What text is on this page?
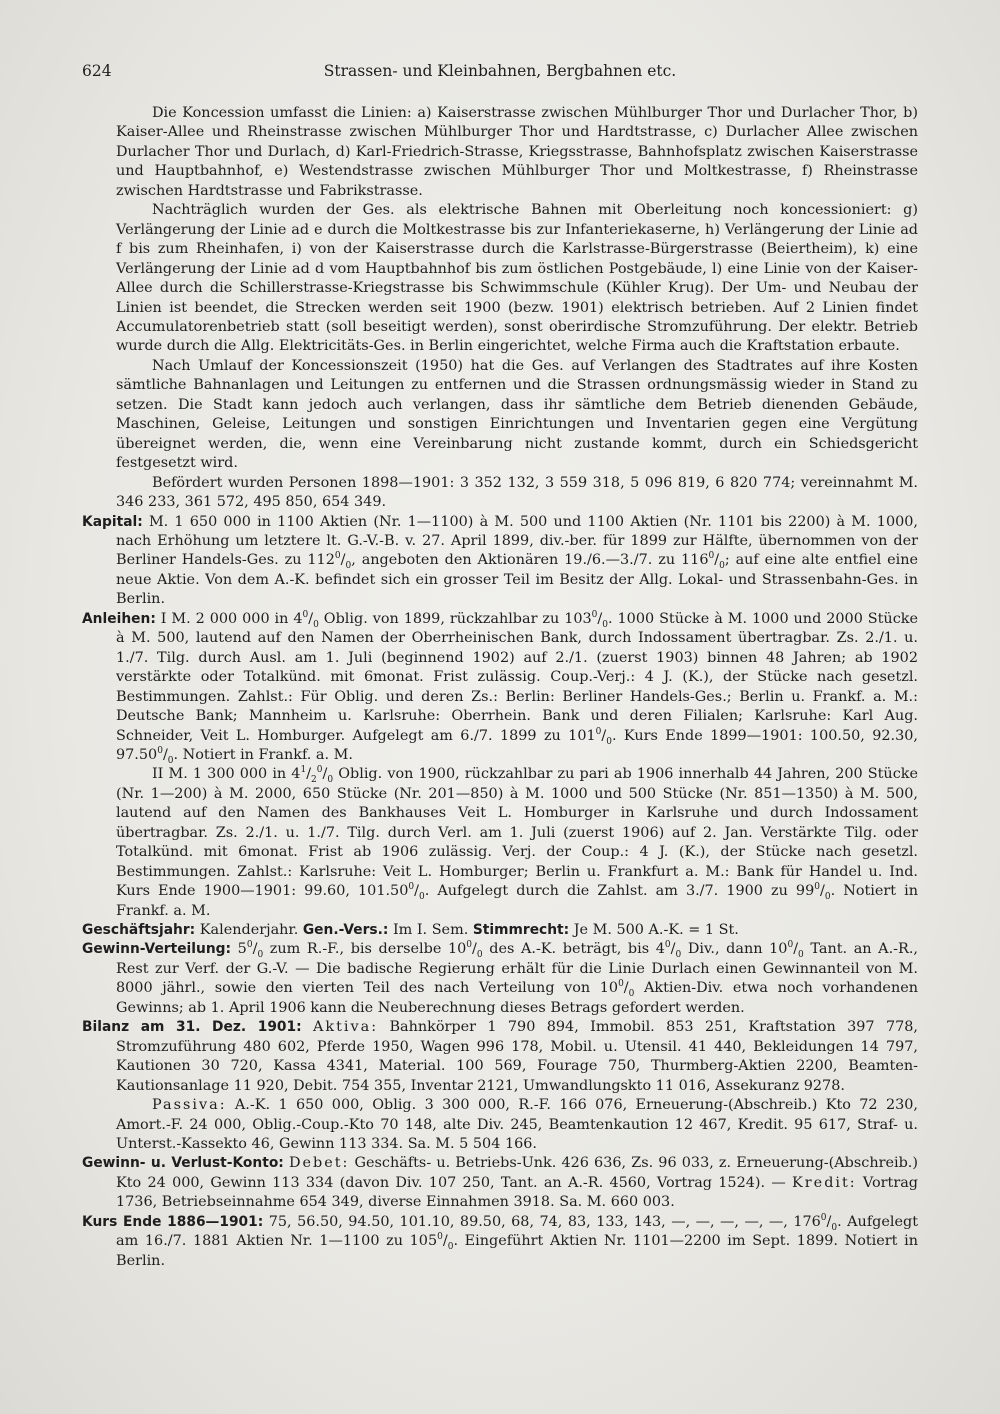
624	Strassen- und Kleinbahnen, Bergbahnen etc.

Die Koncession umfasst die Linien: a) Kaiserstrasse zwischen Mühlburger Thor und Durlacher Thor, b) Kaiser-Allee und Rheinstrasse zwischen Mühlburger Thor und Hardtstrasse, c) Durlacher Allee zwischen Durlacher Thor und Durlach, d) Karl-Friedrich-Strasse, Kriegsstrasse, Bahnhofsplatz zwischen Kaiserstrasse und Hauptbahnhof, e) Westendstrasse zwischen Mühlburger Thor und Moltkestrasse, f) Rheinstrasse zwischen Hardtstrasse und Fabrikstrasse.

Nachträglich wurden der Ges. als elektrische Bahnen mit Oberleitung noch koncessioniert: g) Verlängerung der Linie ad e durch die Moltkestrasse bis zur Infanteriekaserne, h) Verlängerung der Linie ad f bis zum Rheinhafen, i) von der Kaiserstrasse durch die Karlstrasse-Bürgerstrasse (Beiertheim), k) eine Verlängerung der Linie ad d vom Hauptbahnhof bis zum östlichen Postgebäude, l) eine Linie von der Kaiser-Allee durch die Schillerstrasse-Kriegstrasse bis Schwimmschule (Kühler Krug). Der Um- und Neubau der Linien ist beendet, die Strecken werden seit 1900 (bezw. 1901) elektrisch betrieben. Auf 2 Linien findet Accumulatorenbetrieb statt (soll beseitigt werden), sonst oberirdische Stromzuführung. Der elektr. Betrieb wurde durch die Allg. Elektricitäts-Ges. in Berlin eingerichtet, welche Firma auch die Kraftstation erbaute.

Nach Umlauf der Koncessionszeit (1950) hat die Ges. auf Verlangen des Stadtrates auf ihre Kosten sämtliche Bahnanlagen und Leitungen zu entfernen und die Strassen ordnungsmässig wieder in Stand zu setzen. Die Stadt kann jedoch auch verlangen, dass ihr sämtliche dem Betrieb dienenden Gebäude, Maschinen, Geleise, Leitungen und sonstigen Einrichtungen und Inventarien gegen eine Vergütung übereignet werden, die, wenn eine Vereinbarung nicht zustande kommt, durch ein Schiedsgericht festgesetzt wird.

Befördert wurden Personen 1898—1901: 3 352 132, 3 559 318, 5 096 819, 6 820 774; vereinnahmt M. 346 233, 361 572, 495 850, 654 349.

Kapital: M. 1 650 000 in 1100 Aktien (Nr. 1—1100) à M. 500 und 1100 Aktien (Nr. 1101 bis 2200) à M. 1000, nach Erhöhung um letztere lt. G.-V.-B. v. 27. April 1899, div.-ber. für 1899 zur Hälfte, übernommen von der Berliner Handels-Ges. zu $112^0/_0$, angeboten den Aktionären 19./6.—3./7. zu $116^0/_0$; auf eine alte entfiel eine neue Aktie. Von dem A.-K. befindet sich ein grosser Teil im Besitz der Allg. Lokal- und Strassenbahn-Ges. in Berlin.

Anleihen: I M. 2 000 000 in $4^0/_0$ Oblig. von 1899, rückzahlbar zu $103^0/_0$. 1000 Stücke à M. 1000 und 2000 Stücke à M. 500, lautend auf den Namen der Oberrheinischen Bank, durch Indossament übertragbar. Zs. 2./1. u. 1./7. Tilg. durch Ausl. am 1. Juli (beginnend 1902) auf 2./1. (zuerst 1903) binnen 48 Jahren; ab 1902 verstärkte oder Totalkünd. mit 6monat. Frist zulässig. Coup.-Verj.: 4 J. (K.), der Stücke nach gesetzl. Bestimmungen. Zahlst.: Für Oblig. und deren Zs.: Berlin: Berliner Handels-Ges.; Berlin u. Frankf. a. M.: Deutsche Bank; Mannheim u. Karlsruhe: Oberrhein. Bank und deren Filialen; Karlsruhe: Karl Aug. Schneider, Veit L. Homburger. Aufgelegt am 6./7. 1899 zu $101^0/_0$. Kurs Ende 1899—1901: 100.50, 92.30, $97.50^0/_0$. Notiert in Frankf. a. M.

II M. 1 300 000 in $4^1/_2^0/_0$ Oblig. von 1900, rückzahlbar zu pari ab 1906 innerhalb 44 Jahren, 200 Stücke (Nr. 1—200) à M. 2000, 650 Stücke (Nr. 201—850) à M. 1000 und 500 Stücke (Nr. 851—1350) à M. 500, lautend auf den Namen des Bankhauses Veit L. Homburger in Karlsruhe und durch Indossament übertragbar. Zs. 2./1. u. 1./7. Tilg. durch Verl. am 1. Juli (zuerst 1906) auf 2. Jan. Verstärkte Tilg. oder Totalkünd. mit 6monat. Frist ab 1906 zulässig. Verj. der Coup.: 4 J. (K.), der Stücke nach gesetzl. Bestimmungen. Zahlst.: Karlsruhe: Veit L. Homburger; Berlin u. Frankfurt a. M.: Bank für Handel u. Ind. Kurs Ende 1900—1901: 99.60, $101.50^0/_0$. Aufgelegt durch die Zahlst. am 3./7. 1900 zu $99^0/_0$. Notiert in Frankf. a. M.

Geschäftsjahr: Kalenderjahr. Gen.-Vers.: Im I. Sem. Stimmrecht: Je M. 500 A.-K. = 1 St.

Gewinn-Verteilung: $5^0/_0$ zum R.-F., bis derselbe $10^0/_0$ des A.-K. beträgt, bis $4^0/_0$ Div., dann $10^0/_0$ Tant. an A.-R., Rest zur Verf. der G.-V. — Die badische Regierung erhält für die Linie Durlach einen Gewinnanteil von M. 8000 jährl., sowie den vierten Teil des nach Verteilung von $10^0/_0$ Aktien-Div. etwa noch vorhandenen Gewinns; ab 1. April 1906 kann die Neuberechnung dieses Betrags gefordert werden.

Bilanz am 31. Dez. 1901: Aktiva: Bahnkörper 1 790 894, Immobil. 853 251, Kraftstation 397 778, Stromzuführung 480 602, Pferde 1950, Wagen 996 178, Mobil. u. Utensil. 41 440, Bekleidungen 14 797, Kautionen 30 720, Kassa 4341, Material. 100 569, Fourage 750, Thurmberg-Aktien 2200, Beamten-Kautionsanlage 11 920, Debit. 754 355, Inventar 2121, Umwandlungskto 11 016, Assekuranz 9278.

Passiva: A.-K. 1 650 000, Oblig. 3 300 000, R.-F. 166 076, Erneuerung-(Abschreib.) Kto 72 230, Amort.-F. 24 000, Oblig.-Coup.-Kto 70 148, alte Div. 245, Beamtenkaution 12 467, Kredit. 95 617, Straf- u. Unterst.-Kassekto 46, Gewinn 113 334. Sa. M. 5 504 166.

Gewinn- u. Verlust-Konto: Debet: Geschäfts- u. Betriebs-Unk. 426 636, Zs. 96 033, z. Erneuerung-(Abschreib.) Kto 24 000, Gewinn 113 334 (davon Div. 107 250, Tant. an A.-R. 4560, Vortrag 1524). — Kredit: Vortrag 1736, Betriebseinnahme 654 349, diverse Einnahmen 3918. Sa. M. 660 003.

Kurs Ende 1886—1901: 75, 56.50, 94.50, 101.10, 89.50, 68, 74, 83, 133, 143, —, —, —, —, —, $176^0/_0$. Aufgelegt am 16./7. 1881 Aktien Nr. 1—1100 zu $105^0/_0$. Eingeführt Aktien Nr. 1101—2200 im Sept. 1899. Notiert in Berlin.
